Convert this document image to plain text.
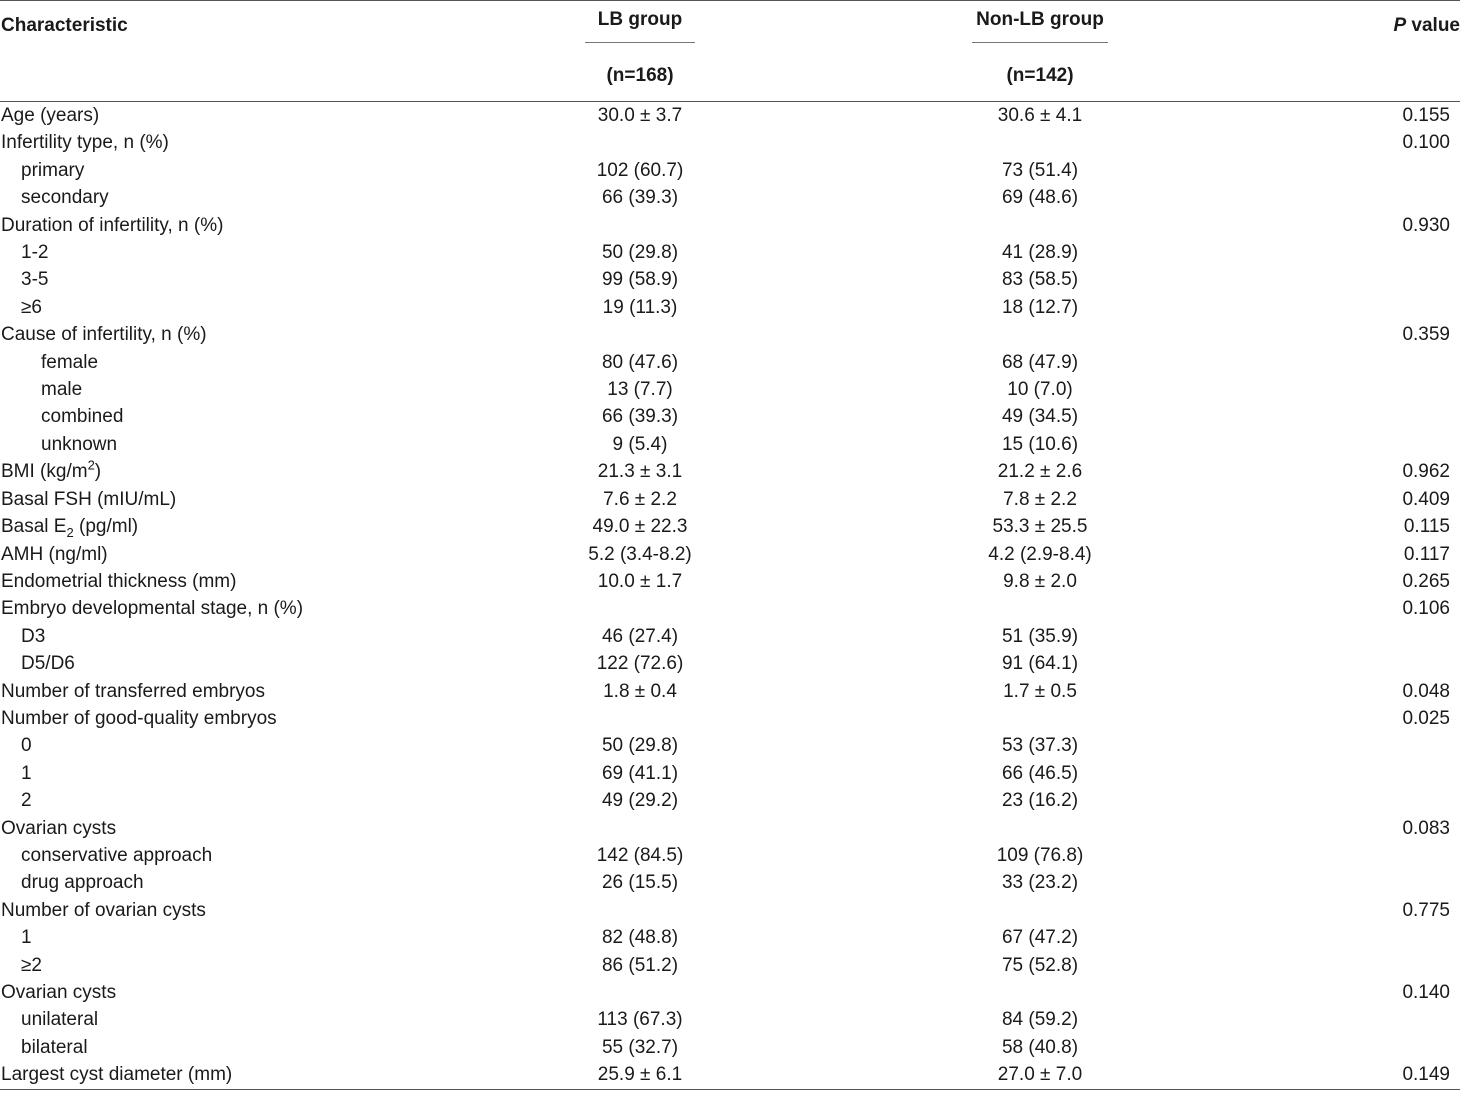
Characteristic	LB group	Non-LB group	P value
	(n=168)	(n=142)	
Age (years)	30.0 ± 3.7	30.6 ± 4.1	0.155
Infertility type, n (%)			0.100
primary	102 (60.7)	73 (51.4)	
secondary	66 (39.3)	69 (48.6)	
Duration of infertility, n (%)			0.930
1-2	50 (29.8)	41 (28.9)	
3-5	99 (58.9)	83 (58.5)	
≥6	19 (11.3)	18 (12.7)	
Cause of infertility, n (%)			0.359
female	80 (47.6)	68 (47.9)	
male	13 (7.7)	10 (7.0)	
combined	66 (39.3)	49 (34.5)	
unknown	9 (5.4)	15 (10.6)	
BMI $(kg/m^2)$	21.3 ± 3.1	21.2 ± 2.6	0.962
Basal FSH (mIU/mL)	7.6 ± 2.2	7.8 ± 2.2	0.409
Basal $E_2$ (pg/ml)	49.0 ± 22.3	53.3 ± 25.5	0.115
AMH (ng/ml)	5.2 (3.4-8.2)	4.2 (2.9-8.4)	0.117
Endometrial thickness (mm)	10.0 ± 1.7	9.8 ± 2.0	0.265
Embryo developmental stage, n (%)			0.106
D3	46 (27.4)	51 (35.9)	
D5/D6	122 (72.6)	91 (64.1)	
Number of transferred embryos	1.8 ± 0.4	1.7 ± 0.5	0.048
Number of good-quality embryos			0.025
0	50 (29.8)	53 (37.3)	
1	69 (41.1)	66 (46.5)	
2	49 (29.2)	23 (16.2)	
Ovarian cysts			0.083
conservative approach	142 (84.5)	109 (76.8)	
drug approach	26 (15.5)	33 (23.2)	
Number of ovarian cysts			0.775
1	82 (48.8)	67 (47.2)	
≥2	86 (51.2)	75 (52.8)	
Ovarian cysts			0.140
unilateral	113 (67.3)	84 (59.2)	
bilateral	55 (32.7)	58 (40.8)	
Largest cyst diameter (mm)	25.9 ± 6.1	27.0 ± 7.0	0.149
